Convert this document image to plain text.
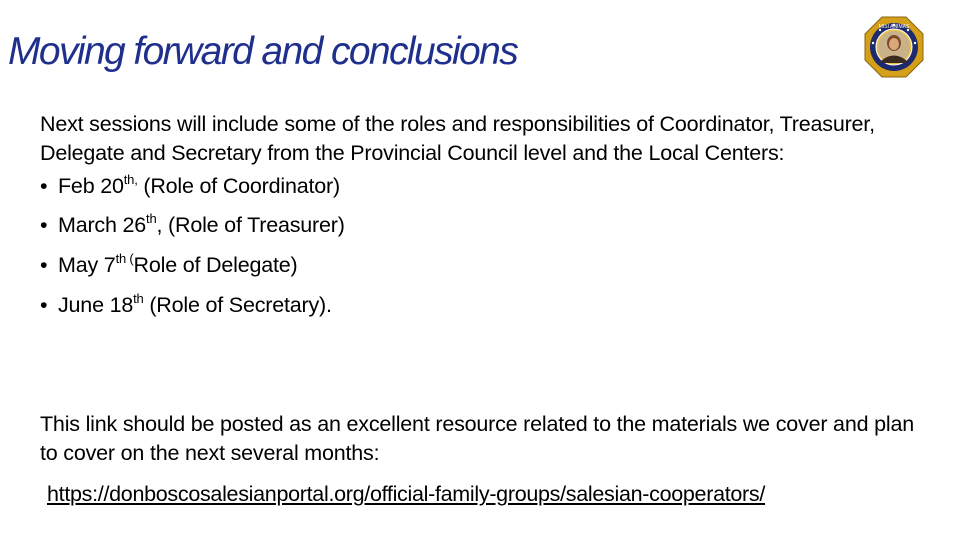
Moving forward and conclusions
MISI ANIMAS

Next sessions will include some of the roles and responsibilities of Coordinator, Treasurer, Delegate and Secretary from the Provincial Council level and the Local Centers:

• Feb $20^{th,}$ (Role of Coordinator)
• March 26th, (Role of Treasurer)
• May $7^{th (}Role$ of Delegate)
• June 18th (Role of Secretary).

This link should be posted as an excellent resource related to the materials we cover and plan to cover on the next several months:

https://donboscosalesianportal.org/official-family-groups/salesian-cooperators/
